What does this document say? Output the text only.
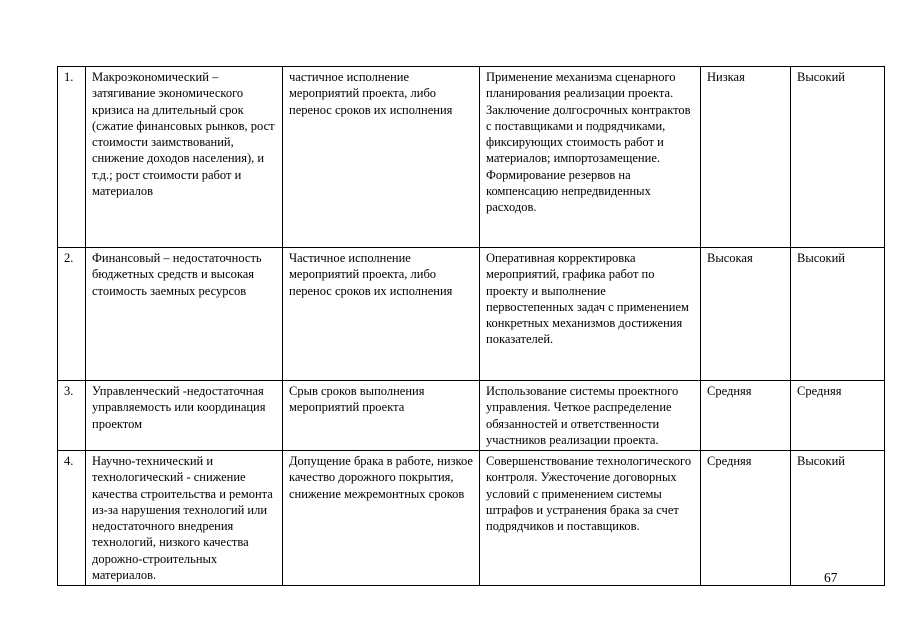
1.	Макроэкономический – затягивание экономического кризиса на длительный срок (сжатие финансовых рынков, рост стоимости заимствований, снижение доходов населения), и т.д.; рост стоимости работ и материалов	частичное исполнение мероприятий проекта, либо перенос сроков их исполнения	Применение механизма сценарного планирования реализации проекта. Заключение долгосрочных контрактов с поставщиками и подрядчиками, фиксирующих стоимость работ и материалов; импортозамещение. Формирование резервов на компенсацию непредвиденных расходов.	Низкая	Высокий
2.	Финансовый – недостаточность бюджетных средств и высокая стоимость заемных ресурсов	Частичное исполнение мероприятий проекта, либо перенос сроков их исполнения	Оперативная корректировка мероприятий, графика работ по проекту и выполнение первостепенных задач с применением конкретных механизмов достижения показателей.	Высокая	Высокий
3.	Управленческий -недостаточная управляемость или координация проектом	Срыв сроков выполнения мероприятий проекта	Использование системы проектного управления. Четкое распределение обязанностей и ответственности участников реализации проекта.	Средняя	Средняя
4.	Научно-технический и технологический - снижение качества строительства и ремонта из-за нарушения технологий или недостаточного внедрения технологий, низкого качества дорожно-строительных материалов.	Допущение брака в работе, низкое качество дорожного покрытия, снижение межремонтных сроков	Совершенствование технологического контроля. Ужесточение договорных условий с применением системы штрафов и устранения брака за счет подрядчиков и поставщиков.	Средняя	Высокий
67
